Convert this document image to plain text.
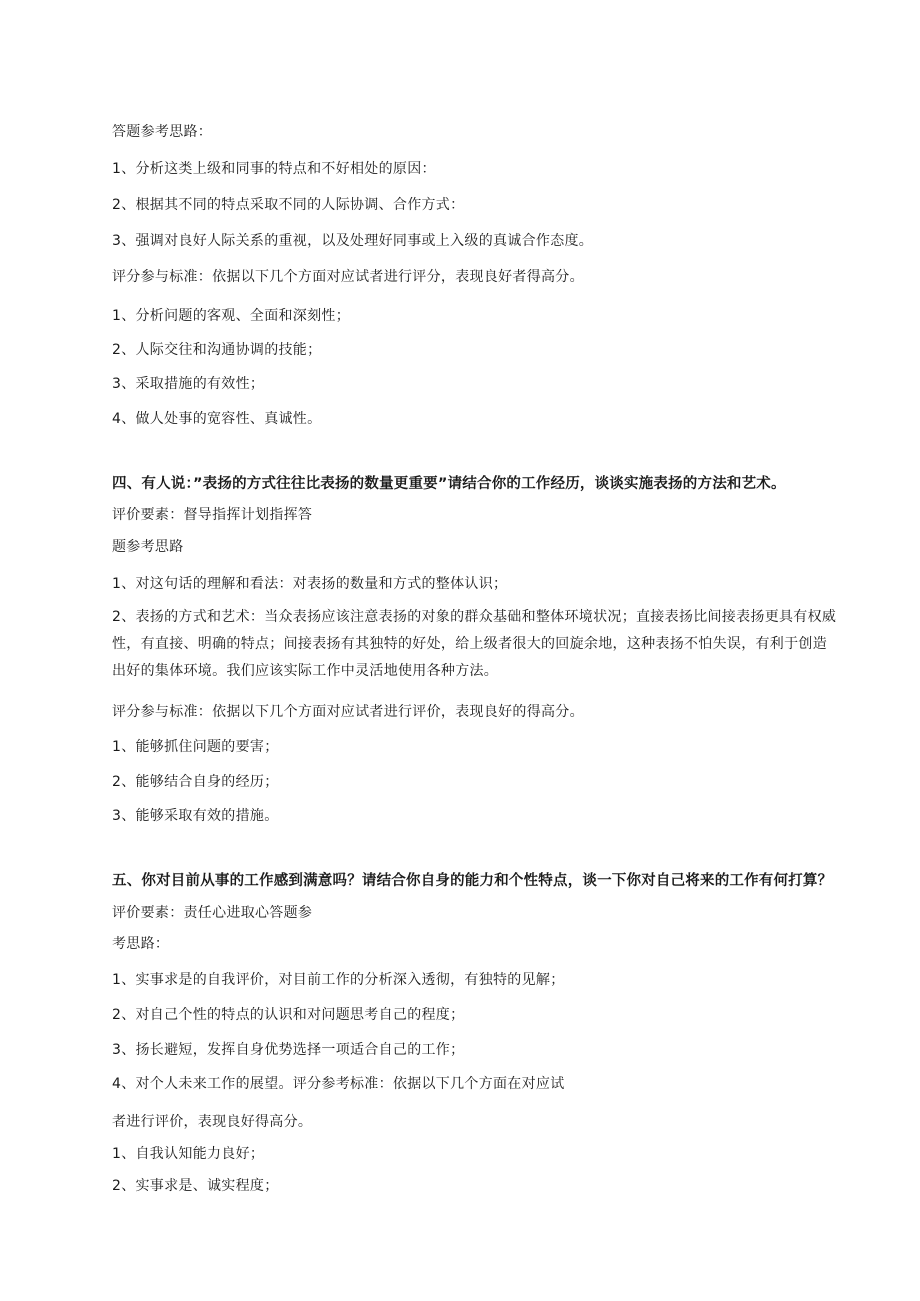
答题参考思路：
1、分析这类上级和同事的特点和不好相处的原因：
2、根据其不同的特点采取不同的人际协调、合作方式：
3、强调对良好人际关系的重视，以及处理好同事或上入级的真诚合作态度。
评分参与标准：依据以下几个方面对应试者进行评分，表现良好者得高分。
1、分析问题的客观、全面和深刻性；
2、人际交往和沟通协调的技能；
3、采取措施的有效性；
4、做人处事的宽容性、真诚性。
四、有人说：”表扬的方式往往比表扬的数量更重要”请结合你的工作经历，谈谈实施表扬的方法和艺术。
评价要素：督导指挥计划指挥答
题参考思路
1、对这句话的理解和看法：对表扬的数量和方式的整体认识；
2、表扬的方式和艺术：当众表扬应该注意表扬的对象的群众基础和整体环境状况；直接表扬比间接表扬更具有权威性，有直接、明确的特点；间接表扬有其独特的好处，给上级者很大的回旋余地，这种表扬不怕失误，有利于创造出好的集体环境。我们应该实际工作中灵活地使用各种方法。
评分参与标准：依据以下几个方面对应试者进行评价，表现良好的得高分。
1、能够抓住问题的要害；
2、能够结合自身的经历；
3、能够采取有效的措施。
五、你对目前从事的工作感到满意吗？请结合你自身的能力和个性特点，谈一下你对自己将来的工作有何打算？
评价要素：责任心进取心答题参
考思路：
1、实事求是的自我评价，对目前工作的分析深入透彻，有独特的见解；
2、对自己个性的特点的认识和对问题思考自己的程度；
3、扬长避短，发挥自身优势选择一项适合自己的工作；
4、对个人未来工作的展望。评分参考标准：依据以下几个方面在对应试
者进行评价，表现良好得高分。
1、自我认知能力良好；
2、实事求是、诚实程度；
